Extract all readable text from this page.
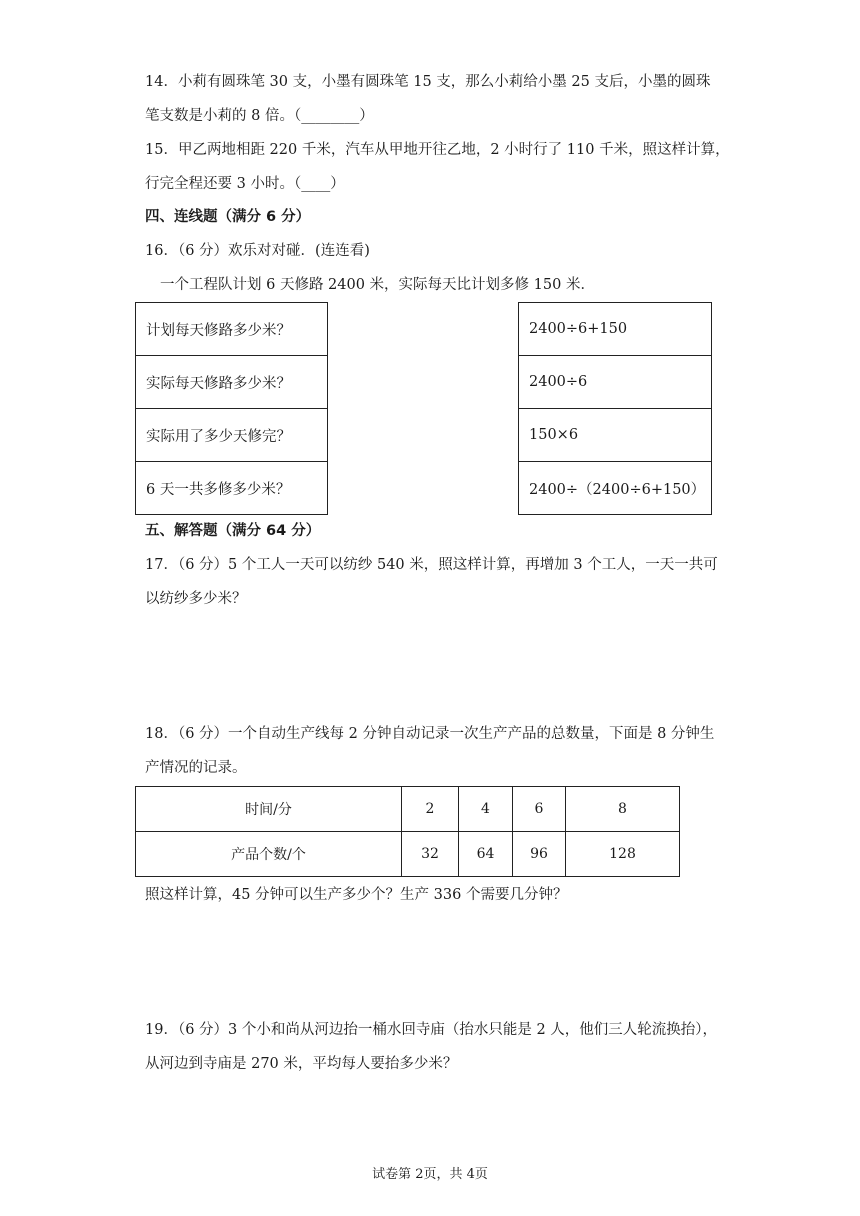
14．小莉有圆珠笔 30 支，小墨有圆珠笔 15 支，那么小莉给小墨 25 支后，小墨的圆珠
笔支数是小莉的 8 倍。（________）
15．甲乙两地相距 220 千米，汽车从甲地开往乙地，2 小时行了 110 千米，照这样计算，
行完全程还要 3 小时。（____）
四、连线题（满分 6 分）
16．（6 分）欢乐对对碰．(连连看)
一个工程队计划 6 天修路 2400 米，实际每天比计划多修 150 米．
计划每天修路多少米？
实际每天修路多少米？
实际用了多少天修完？
6 天一共多修多少米？
2400÷6+150
2400÷6
150×6
2400÷（2400÷6+150）
五、解答题（满分 64 分）
17．（6 分）5 个工人一天可以纺纱 540 米，照这样计算，再增加 3 个工人，一天一共可
以纺纱多少米？
18．（6 分）一个自动生产线每 2 分钟自动记录一次生产产品的总数量，下面是 8 分钟生
产情况的记录。
时间/分	2	4	6	8
产品个数/个	32	64	96	128
照这样计算，45 分钟可以生产多少个？生产 336 个需要几分钟？
19．（6 分）3 个小和尚从河边抬一桶水回寺庙（抬水只能是 2 人，他们三人轮流换抬），
从河边到寺庙是 270 米，平均每人要抬多少米？
试卷第 2页，共 4页
